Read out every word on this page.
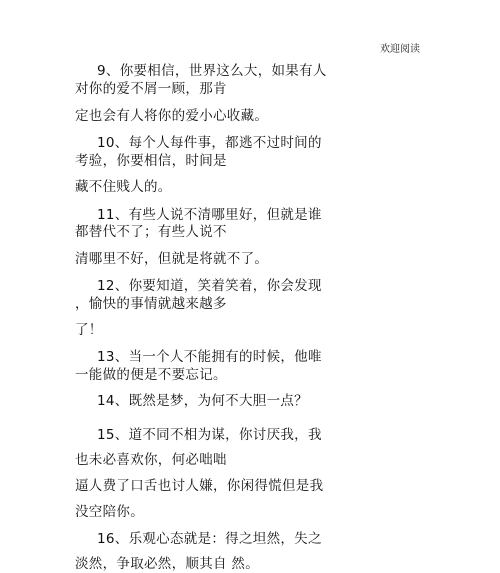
欢迎阅读
9、你要相信，世界这么大，如果有人
对你的爱不屑一顾，那肯
定也会有人将你的爱小心收藏。
10、每个人每件事，都逃不过时间的
考验，你要相信，时间是
藏不住贱人的。
11、有些人说不清哪里好，但就是谁
都替代不了；有些人说不
清哪里不好，但就是将就不了。
12、你要知道，笑着笑着，你会发现
，愉快的事情就越来越多
了！
13、当一个人不能拥有的时候，他唯
一能做的便是不要忘记。
14、既然是梦，为何不大胆一点？
15、道不同不相为谋，你讨厌我，我
也未必喜欢你，何必咄咄
逼人费了口舌也讨人嫌，你闲得慌但是我
没空陪你。
16、乐观心态就是：得之坦然，失之
淡然，争取必然，顺其自 然。
